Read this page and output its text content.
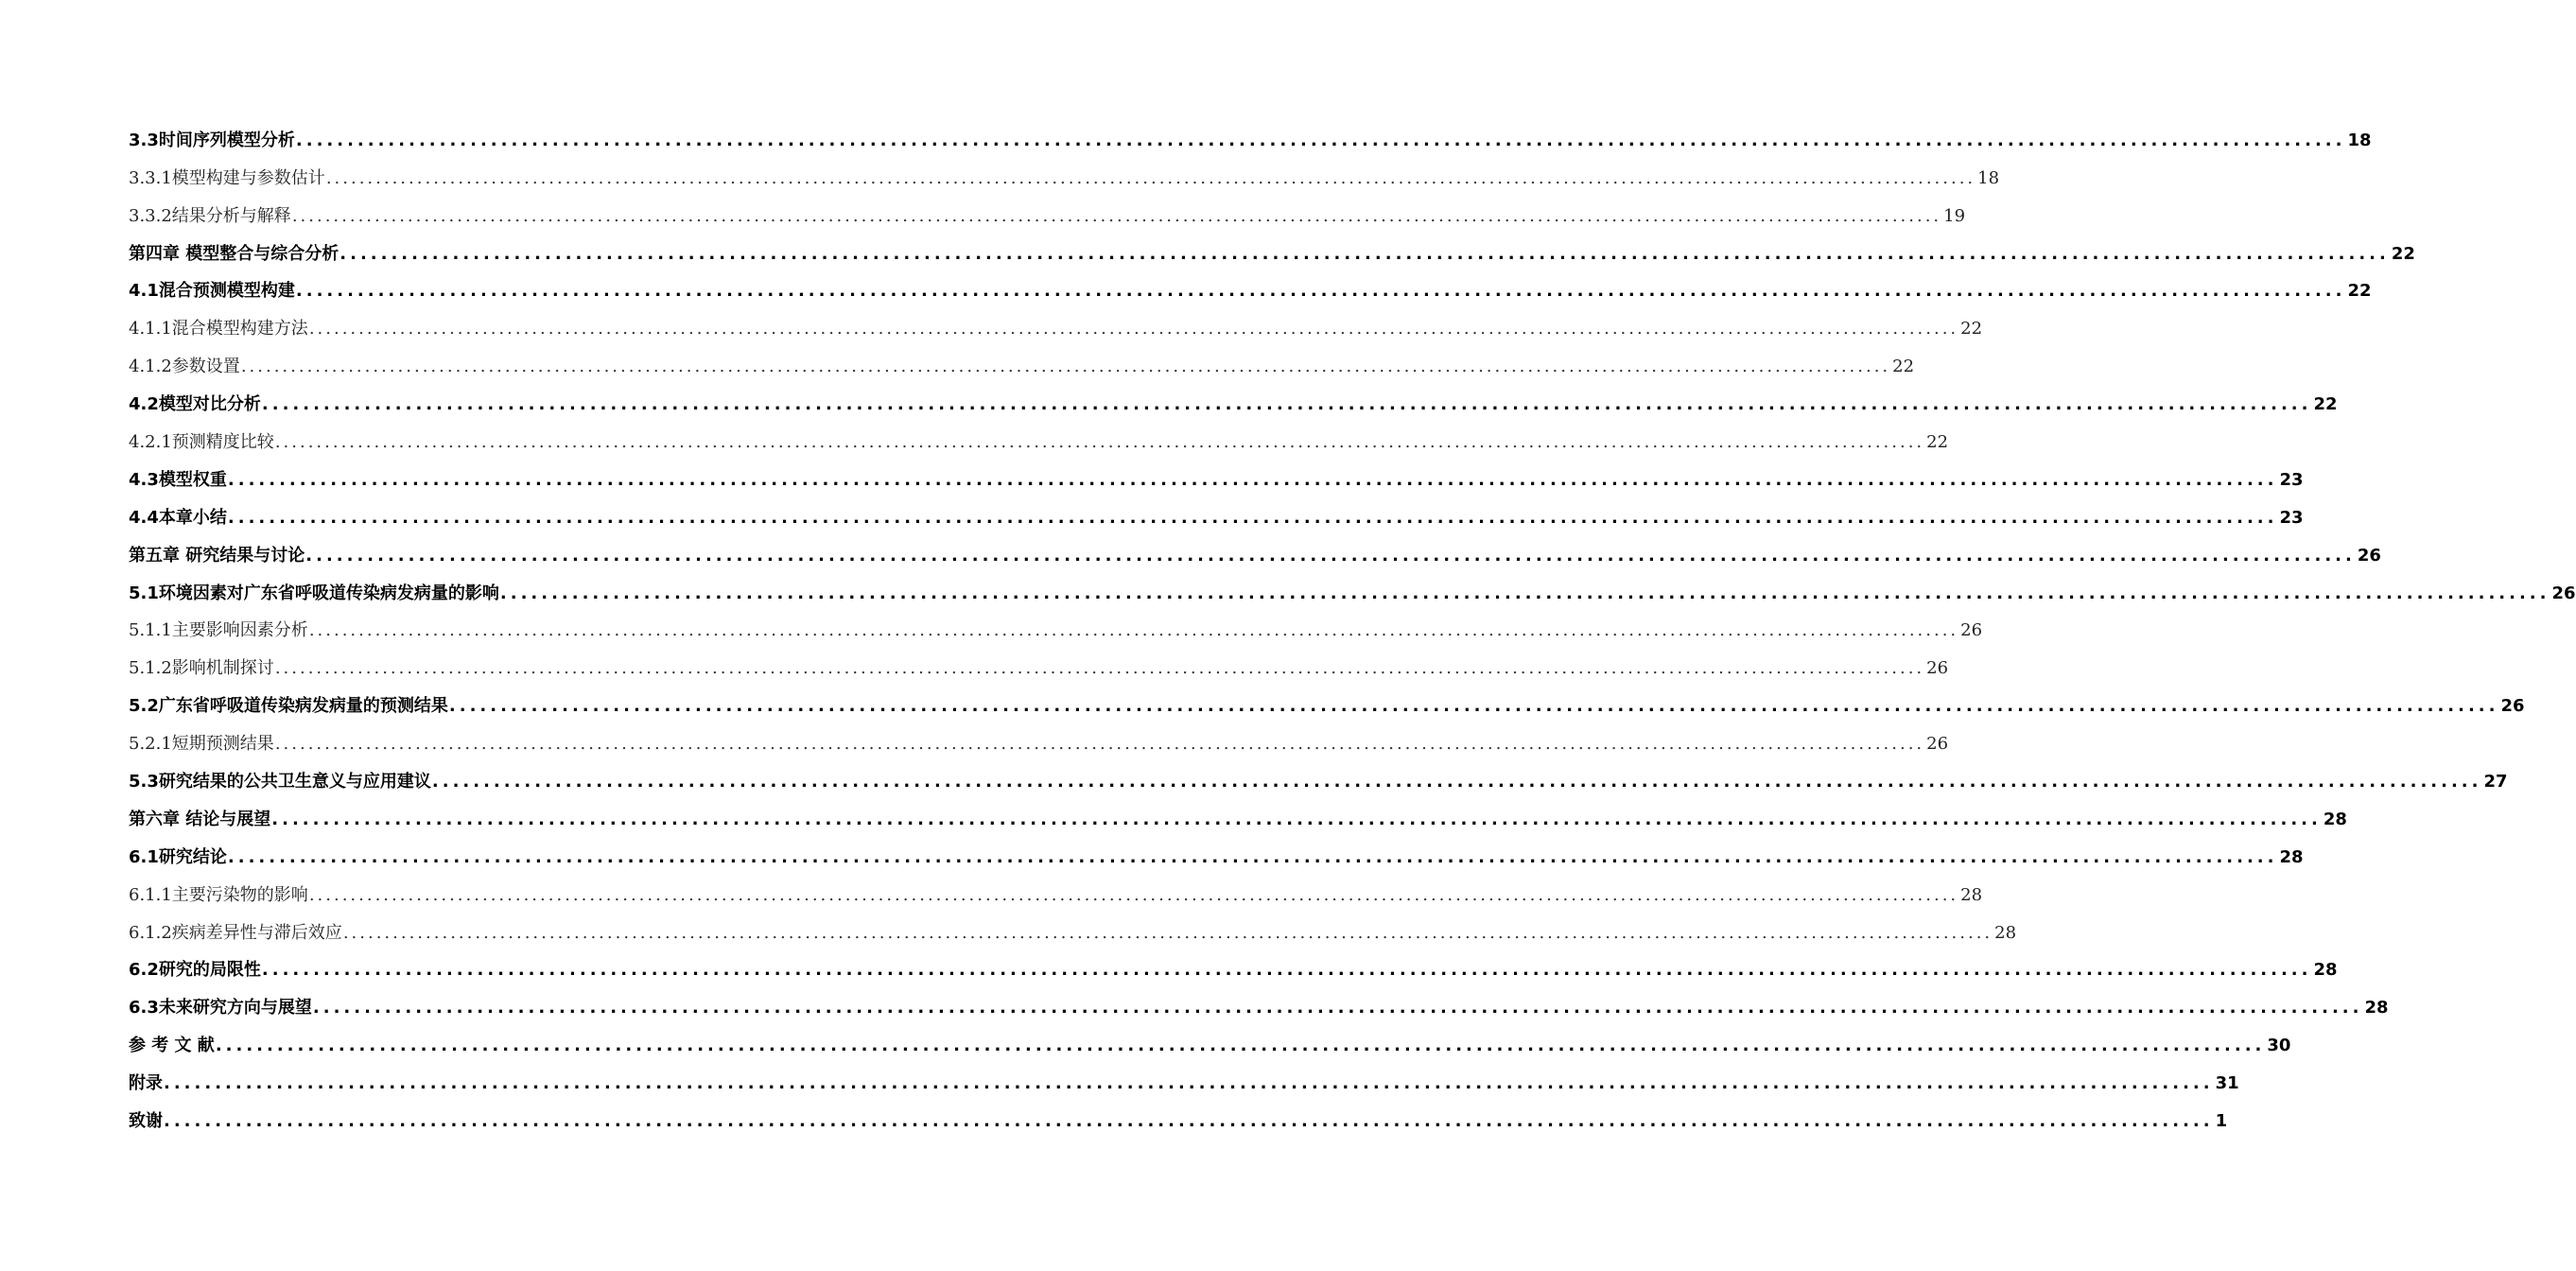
3.3时间序列模型分析 ........................................................................................................................................................................................................ 18
3.3.1模型构建与参数估计 ........................................................................................................................................................................................................ 18
3.3.2结果分析与解释 ........................................................................................................................................................................................................ 19
第四章 模型整合与综合分析 ........................................................................................................................................................................................................ 22
4.1混合预测模型构建 ........................................................................................................................................................................................................ 22
4.1.1混合模型构建方法 ........................................................................................................................................................................................................ 22
4.1.2参数设置 ........................................................................................................................................................................................................ 22
4.2模型对比分析 ........................................................................................................................................................................................................ 22
4.2.1预测精度比较 ........................................................................................................................................................................................................ 22
4.3模型权重 ........................................................................................................................................................................................................ 23
4.4本章小结 ........................................................................................................................................................................................................ 23
第五章 研究结果与讨论 ........................................................................................................................................................................................................ 26
5.1环境因素对广东省呼吸道传染病发病量的影响 ........................................................................................................................................................................................................ 26
5.1.1主要影响因素分析 ........................................................................................................................................................................................................ 26
5.1.2影响机制探讨 ........................................................................................................................................................................................................ 26
5.2广东省呼吸道传染病发病量的预测结果 ........................................................................................................................................................................................................ 26
5.2.1短期预测结果 ........................................................................................................................................................................................................ 26
5.3研究结果的公共卫生意义与应用建议 ........................................................................................................................................................................................................ 27
第六章 结论与展望 ........................................................................................................................................................................................................ 28
6.1研究结论 ........................................................................................................................................................................................................ 28
6.1.1主要污染物的影响 ........................................................................................................................................................................................................ 28
6.1.2疾病差异性与滞后效应 ........................................................................................................................................................................................................ 28
6.2研究的局限性 ........................................................................................................................................................................................................ 28
6.3未来研究方向与展望 ........................................................................................................................................................................................................ 28
参 考 文 献 ........................................................................................................................................................................................................ 30
附录 ........................................................................................................................................................................................................ 31
致谢 ........................................................................................................................................................................................................ 1
